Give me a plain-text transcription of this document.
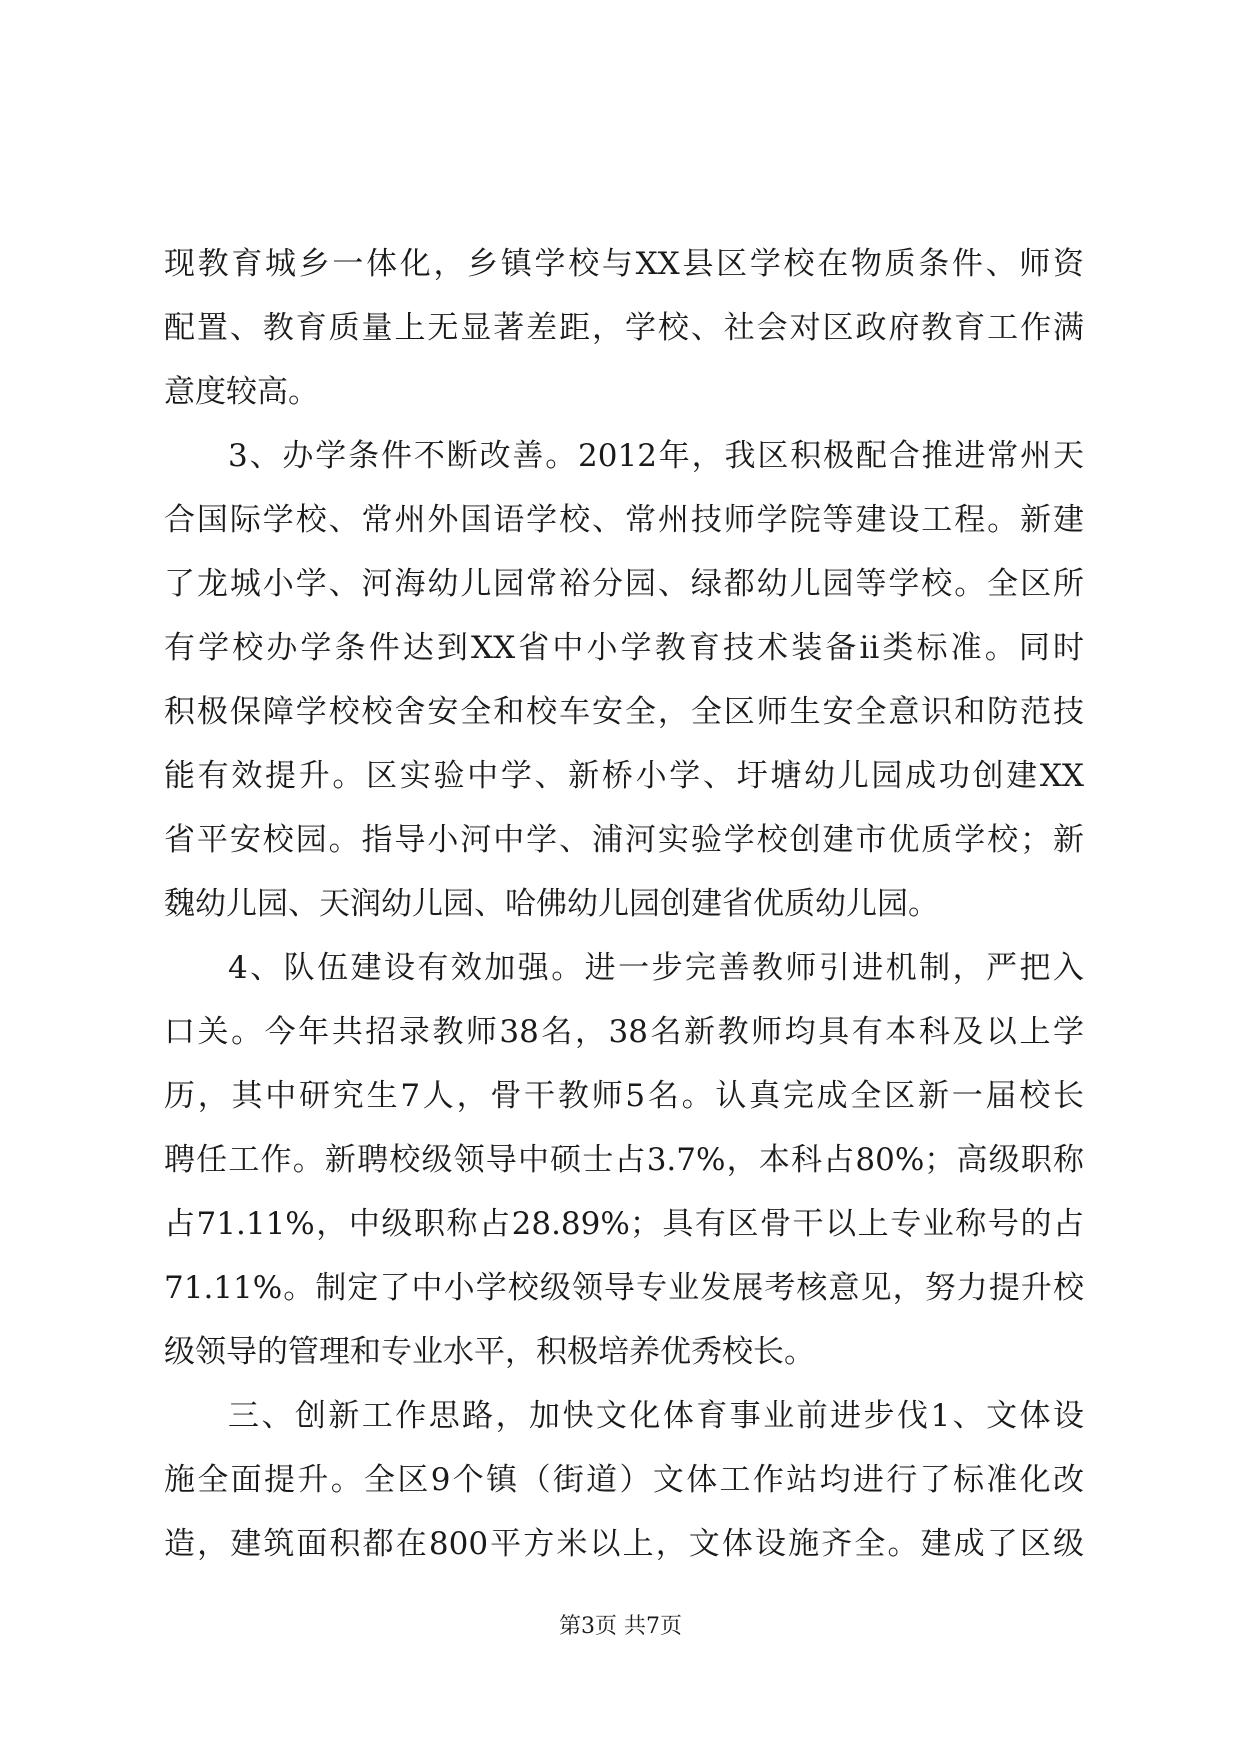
现教育城乡一体化，乡镇学校与XX县区学校在物质条件、师资
配置、教育质量上无显著差距，学校、社会对区政府教育工作满
意度较高。
3、办学条件不断改善。2012年，我区积极配合推进常州天
合国际学校、常州外国语学校、常州技师学院等建设工程。新建
了龙城小学、河海幼儿园常裕分园、绿都幼儿园等学校。全区所
有学校办学条件达到XX省中小学教育技术装备ii类标准。同时
积极保障学校校舍安全和校车安全，全区师生安全意识和防范技
能有效提升。区实验中学、新桥小学、圩塘幼儿园成功创建XX
省平安校园。指导小河中学、浦河实验学校创建市优质学校；新
魏幼儿园、天润幼儿园、哈佛幼儿园创建省优质幼儿园。
4、队伍建设有效加强。进一步完善教师引进机制，严把入
口关。今年共招录教师38名，38名新教师均具有本科及以上学
历，其中研究生7人，骨干教师5名。认真完成全区新一届校长
聘任工作。新聘校级领导中硕士占3.7%，本科占80%；高级职称
占71.11%，中级职称占28.89%；具有区骨干以上专业称号的占
71.11%。制定了中小学校级领导专业发展考核意见，努力提升校
级领导的管理和专业水平，积极培养优秀校长。
三、创新工作思路，加快文化体育事业前进步伐1、文体设
施全面提升。全区9个镇（街道）文体工作站均进行了标准化改
造，建筑面积都在800平方米以上，文体设施齐全。建成了区级
第3页 共7页
